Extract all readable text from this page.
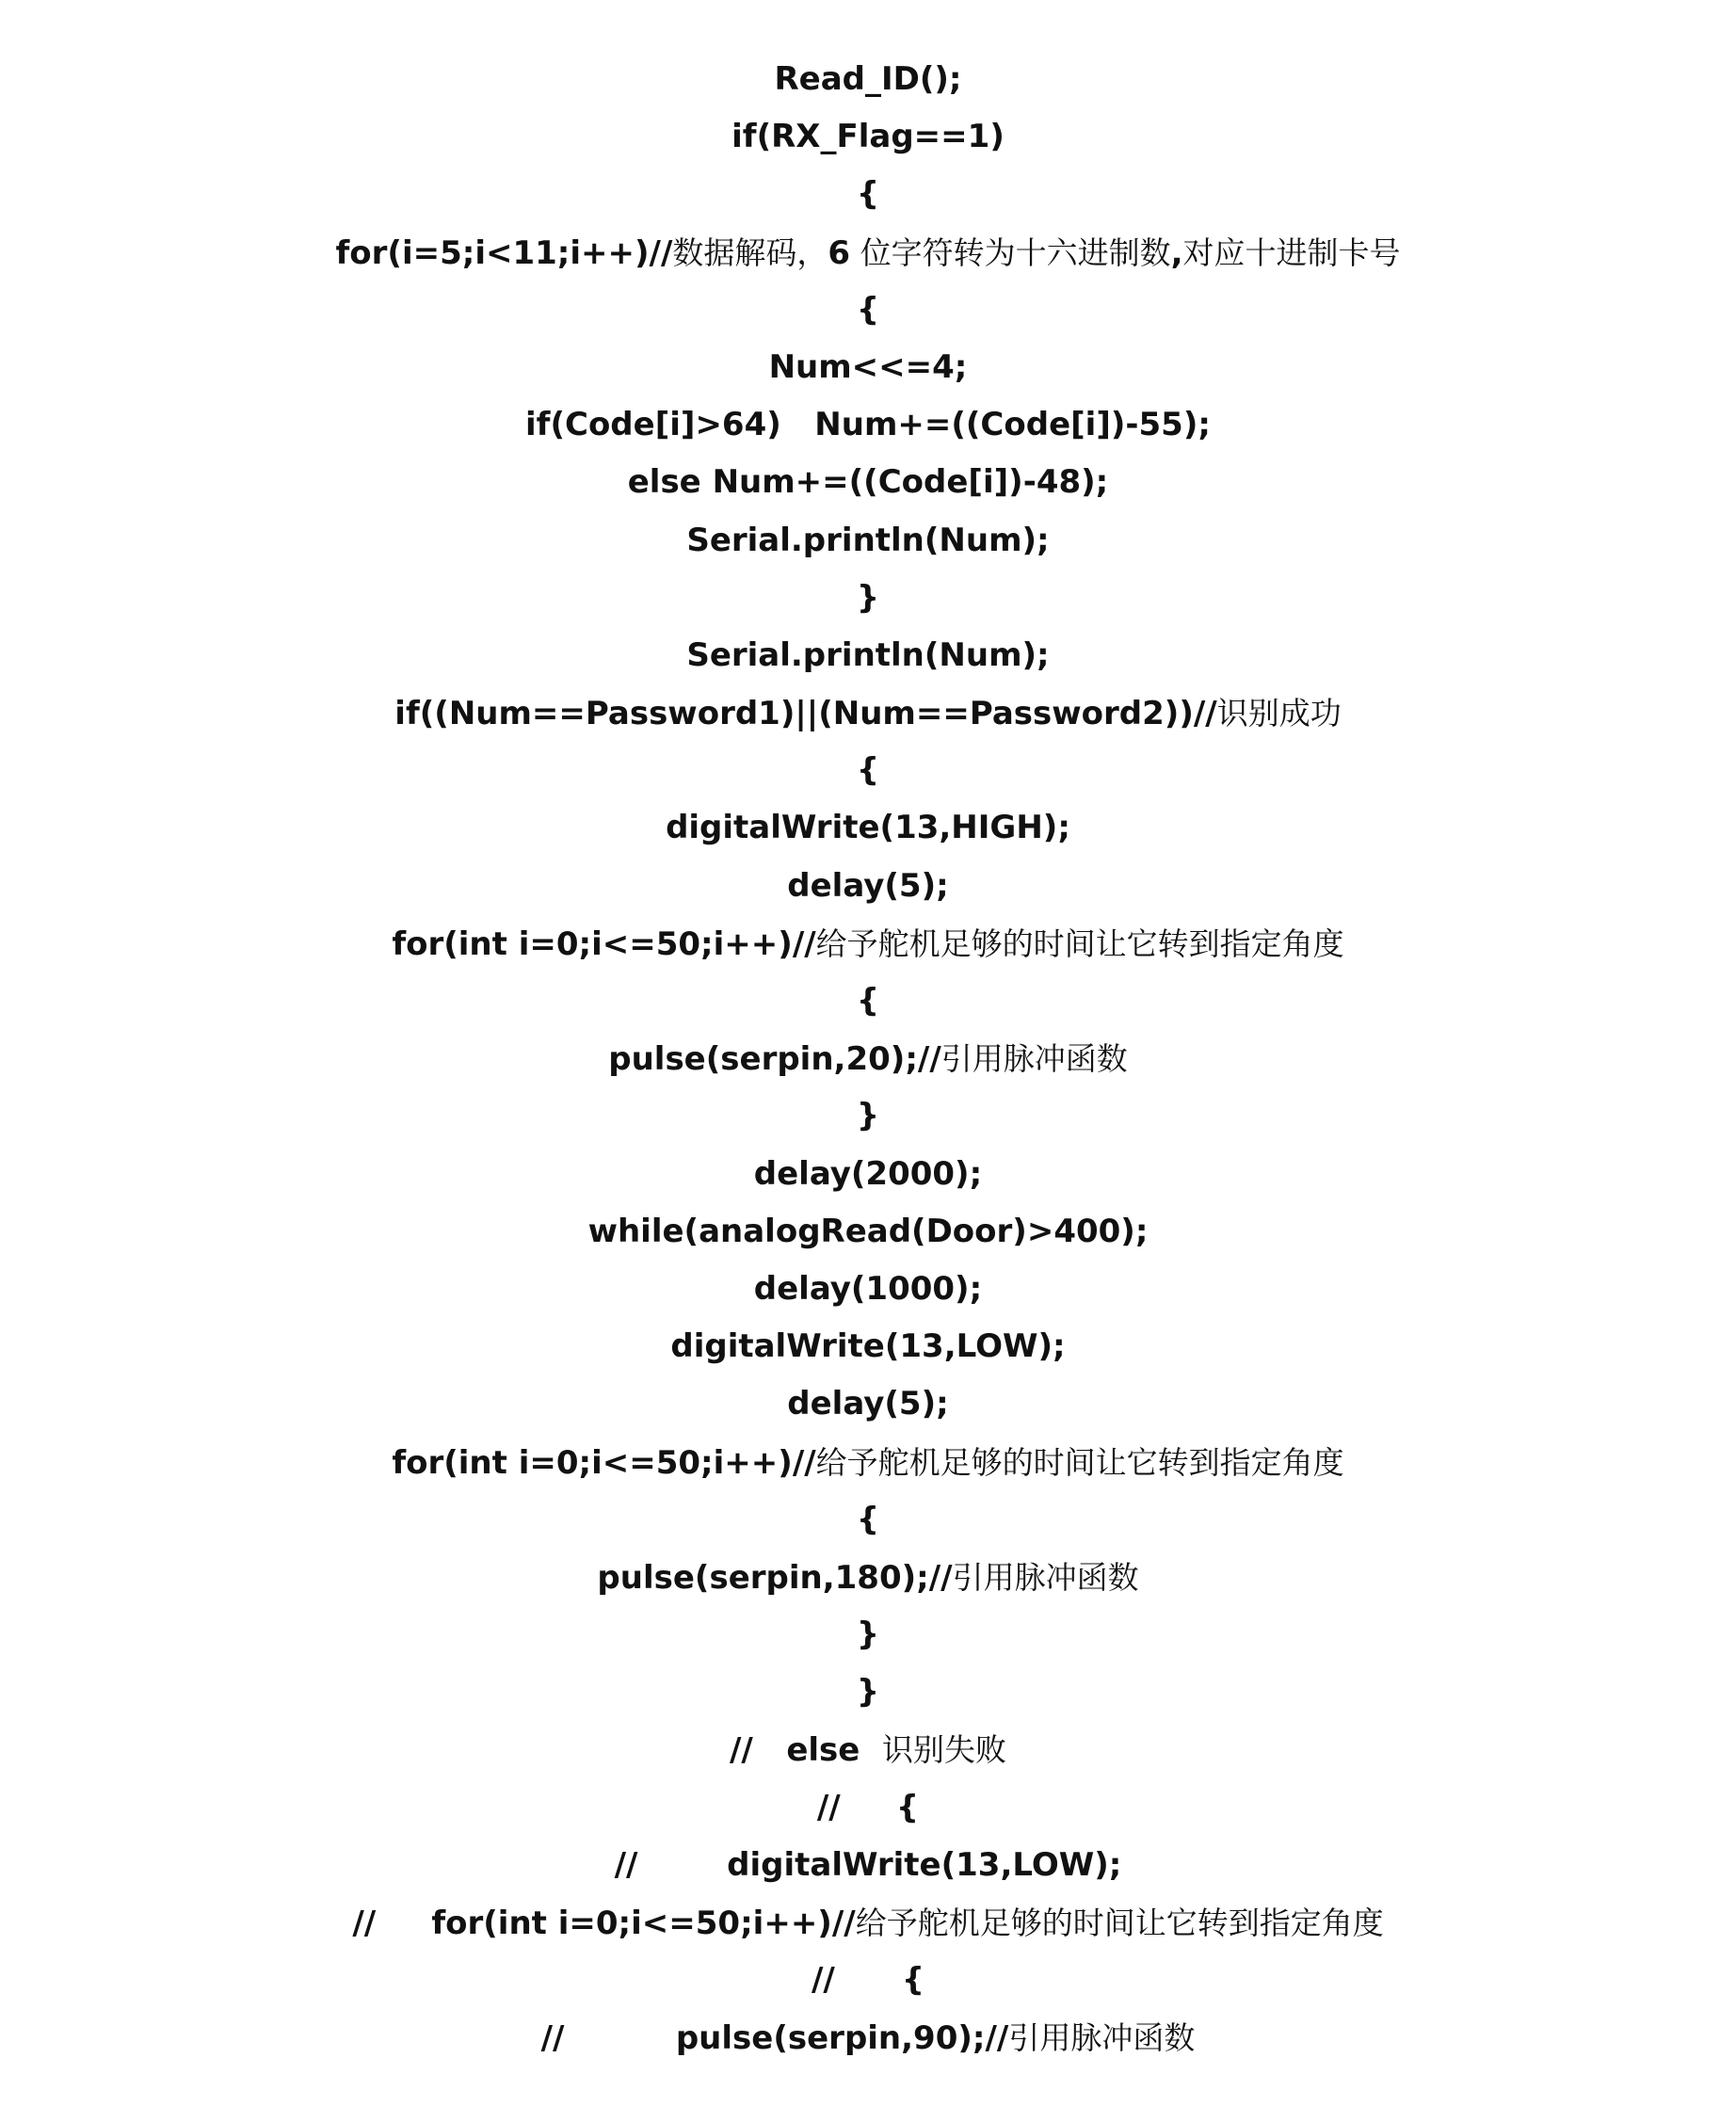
Read_ID();
if(RX_Flag==1)
{
for(i=5;i<11;i++)//数据解码，6 位字符转为十六进制数,对应十进制卡号
{
Num<<=4;
if(Code[i]>64)   Num+=((Code[i])-55);
else Num+=((Code[i])-48);
Serial.println(Num);
}
Serial.println(Num);
if((Num==Password1)||(Num==Password2))//识别成功
{
digitalWrite(13,HIGH);
delay(5);
for(int i=0;i<=50;i++)//给予舵机足够的时间让它转到指定角度
{
pulse(serpin,20);//引用脉冲函数
}
delay(2000);
while(analogRead(Door)>400);
delay(1000);
digitalWrite(13,LOW);
delay(5);
for(int i=0;i<=50;i++)//给予舵机足够的时间让它转到指定角度
{
pulse(serpin,180);//引用脉冲函数
}
}
//   else  识别失败
//     {
//        digitalWrite(13,LOW);
//     for(int i=0;i<=50;i++)//给予舵机足够的时间让它转到指定角度
//      {
//          pulse(serpin,90);//引用脉冲函数
